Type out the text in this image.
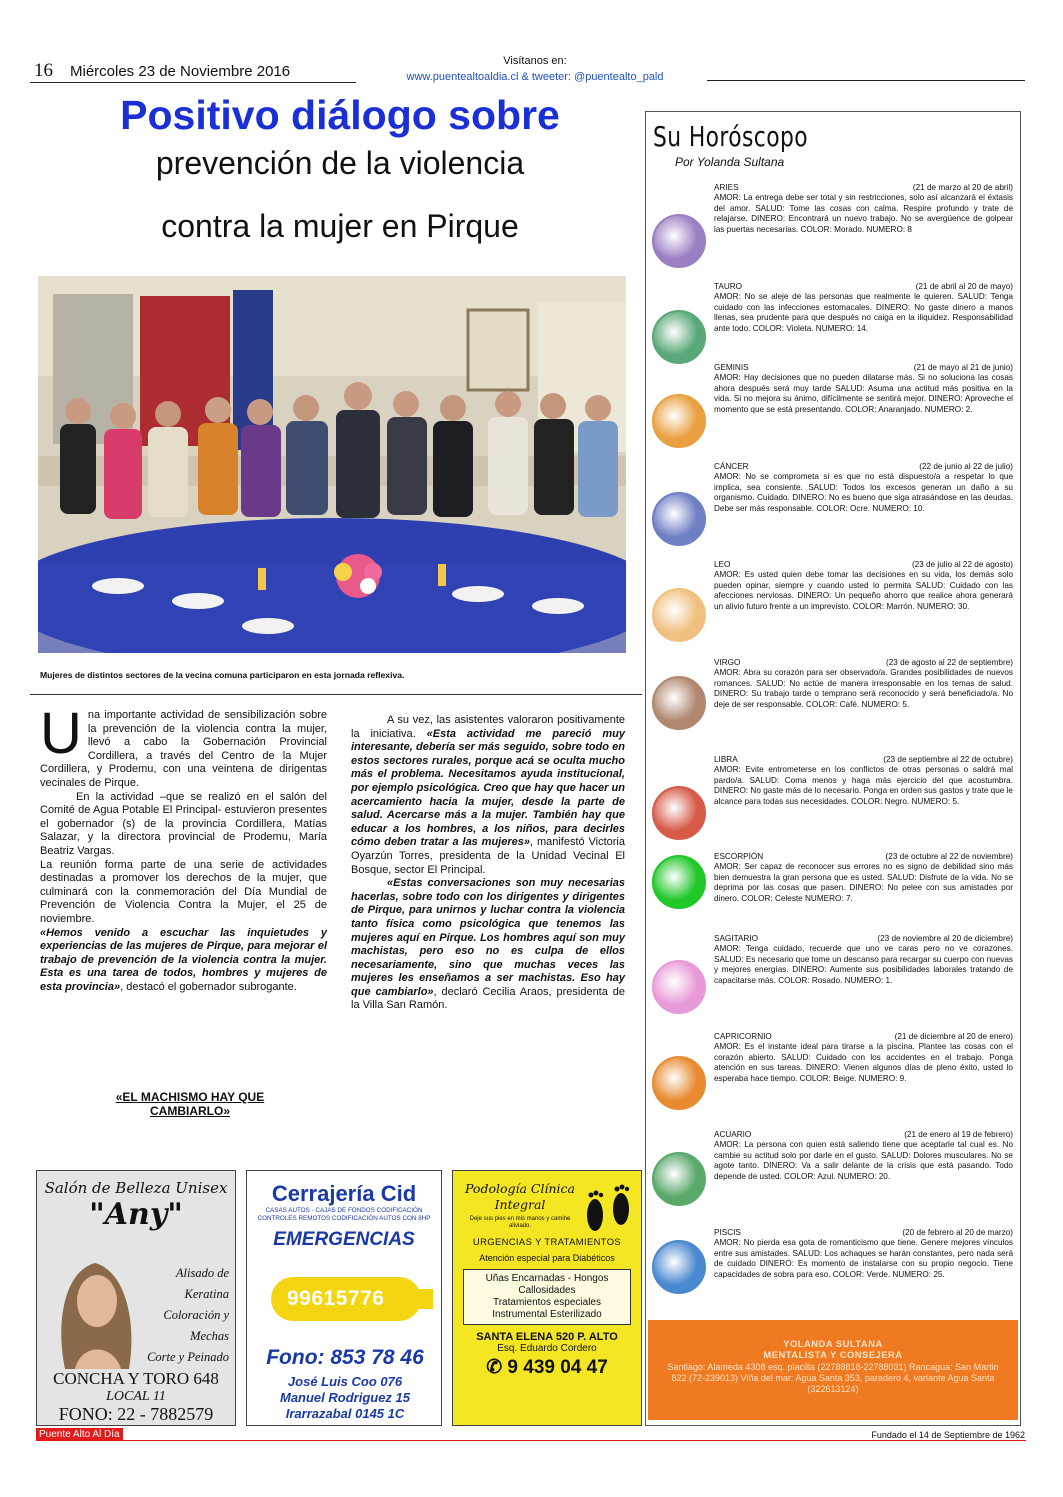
16 Miércoles 23 de Noviembre 2016
Visítanos en:
www.puentealtoaldia.cl & tweeter: @puentealto_pald
Positivo diálogo sobre
prevención de la violencia
contra la mujer en Pirque
Mujeres de distintos sectores de la vecina comuna participaron en esta jornada reflexiva.
U na importante actividad de sensibilización sobre la prevención de la violencia contra la mujer, llevó a cabo la Gobernación Provincial Cordillera, a través del Centro de la Mujer Cordillera, y Prodemu, con una veintena de dirigentas vecinales de Pirque.

En la actividad –que se realizó en el salón del Comité de Agua Potable El Principal- estuvieron presentes el gobernador (s) de la provincia Cordillera, Matías Salazar, y la directora provincial de Prodemu, María Beatriz Vargas.

La reunión forma parte de una serie de actividades destinadas a promover los derechos de la mujer, que culminará con la conmemoración del Día Mundial de Prevención de Violencia Contra la Mujer, el 25 de noviembre.

«Hemos venido a escuchar las inquietudes y experiencias de las mujeres de Pirque, para mejorar el trabajo de prevención de la violencia contra la mujer. Esta es una tarea de todos, hombres y mujeres de esta provincia», destacó el gobernador subrogante.

«EL MACHISMO HAY QUE CAMBIARLO»

A su vez, las asistentes valoraron positivamente la iniciativa. «Esta actividad me pareció muy interesante, debería ser más seguido, sobre todo en estos sectores rurales, porque acá se oculta mucho más el problema. Necesitamos ayuda institucional, por ejemplo psicológica. Creo que hay que hacer un acercamiento hacia la mujer, desde la parte de salud. Acercarse más a la mujer. También hay que educar a los hombres, a los niños, para decirles cómo deben tratar a las mujeres», manifestó Victoria Oyarzún Torres, presidenta de la Unidad Vecinal El Bosque, sector El Principal.

«Estas conversaciones son muy necesarias hacerlas, sobre todo con los dirigentes y dirigentes de Pirque, para unirnos y luchar contra la violencia tanto física como psicológica que tenemos las mujeres aquí en Pirque. Los hombres aquí son muy machistas, pero eso no es culpa de ellos necesariamente, sino que muchas veces las mujeres les enseñamos a ser machistas. Eso hay que cambiarlo», declaró Cecilia Araos, presidenta de la Villa San Ramón.

Su Horóscopo
Por Yolanda Sultana
ARIES	(21 de marzo al 20 de abril)
AMOR: La entrega debe ser total y sin restricciones, solo así alcanzará el éxtasis del amor. SALUD: Tome las cosas con calma. Respire profundo y trate de relajarse. DINERO: Encontrará un nuevo trabajo. No se avergüence de golpear las puertas necesarias. COLOR: Morado. NUMERO: 8
TAURO	(21 de abril al 20 de mayo)
AMOR: No se aleje de las personas que realmente le quieren. SALUD: Tenga cuidado con las infecciones estomacales. DINERO: No gaste dinero a manos llenas, sea prudente para que después no caiga en la iliquidez. Responsabilidad ante todo. COLOR: Violeta. NUMERO: 14.
GEMINIS	(21 de mayo al 21 de junio)
AMOR: Hay decisiones que no pueden dilatarse más. Si no soluciona las cosas ahora después será muy tarde SALUD: Asuma una actitud más positiva en la vida. Si no mejora su ánimo, difícilmente se sentirá mejor. DINERO: Aproveche el momento que se está presentando. COLOR: Anaranjado. NUMERO: 2.
CÁNCER	(22 de junio al 22 de julio)
AMOR: No se comprometa si es que no está dispuesto/a a respetar lo que implica, sea consiente. SALUD: Todos los excesos generan un daño a su organismo. Cuidado. DINERO: No es bueno que siga atrasándose en las deudas. Debe ser más responsable. COLOR: Ocre. NUMERO: 10.
LEO	(23 de julio al 22 de agosto)
AMOR: Es usted quien debe tomar las decisiones en su vida, los demás solo pueden opinar, siempre y cuando usted lo permita SALUD: Cuidado con las afecciones nerviosas. DINERO: Un pequeño ahorro que realice ahora generará un alivio futuro frente a un imprevisto. COLOR: Marrón. NUMERO: 30.
VIRGO	(23 de agosto al 22 de septiembre)
AMOR: Abra su corazón para ser observado/a. Grandes posibilidades de nuevos romances. SALUD: No actúe de manera irresponsable en los temas de salud. DINERO: Su trabajo tarde o temprano será reconocido y será beneficiado/a. No deje de ser responsable. COLOR: Café. NUMERO: 5.
LIBRA	(23 de septiembre al 22 de octubre)
AMOR: Evite entrometerse en los conflictos de otras personas o saldrá mal pardo/a. SALUD: Coma menos y haga más ejercicio del que acostumbra. DINERO: No gaste más de lo necesario. Ponga en orden sus gastos y trate que le alcance para todas sus necesidades. COLOR: Negro. NUMERO: 5.
ESCORPIÓN	(23 de octubre al 22 de noviembre)
AMOR: Ser capaz de reconocer sus errores no es signo de debilidad sino más bien demuestra la gran persona que es usted. SALUD: Disfrute de la vida. No se deprima por las cosas que pasen. DINERO: No pelee con sus amistades por dinero. COLOR: Celeste NUMERO: 7.
SAGITARIO	(23 de noviembre al 20 de diciembre)
AMOR: Tenga cuidado, recuerde que uno ve caras pero no ve corazones. SALUD: Es necesario que tome un descanso para recargar su cuerpo con nuevas y mejores energías. DINERO: Aumente sus posibilidades laborales tratando de capacitarse más. COLOR: Rosado. NUMERO: 1.
CAPRICORNIO	(21 de diciembre al 20 de enero)
AMOR: Es el instante ideal para tirarse a la piscina. Plantee las cosas con el corazón abierto. SALUD: Cuidado con los accidentes en el trabajo. Ponga atención en sus tareas. DINERO: Vienen algunos días de pleno éxito, usted lo esperaba hace tiempo. COLOR: Beige. NUMERO: 9.
ACUARIO	(21 de enero al 19 de febrero)
AMOR: La persona con quien está saliendo tiene que aceptarle tal cual es. No cambie su actitud solo por darle en el gusto. SALUD: Dolores musculares. No se agote tanto. DINERO: Va a salir delante de la crisis que está pasando. Todo depende de usted. COLOR: Azul. NUMERO: 20.
PISCIS	(20 de febrero al 20 de marzo)
AMOR: No pierda esa gota de romanticismo que tiene. Genere mejores vínculos entre sus amistades. SALUD: Los achaques se harán constantes, pero nada será de cuidado DINERO: Es momento de instalarse con su propio negocio. Tiene capacidades de sobra para eso. COLOR: Verde. NUMERO: 25.
YOLANDA SULTANA
MENTALISTA Y CONSEJERA
Santiago: Alameda 4308 esq. placilla (22788818-22788031) Rancagua: San Martin 822 (72-239013) Viña del mar: Agua Santa 353, paradero 4, variante Agua Santa (322613124)
Salón de Belleza Unisex
"Any"
Alisado de
Keratina
Coloración y
Mechas
Corte y Peinado
CONCHA Y TORO 648
LOCAL 11
FONO: 22 - 7882579
Cerrajería Cid
CASAS AUTOS - CAJAS DE FONDOS CODIFICACIÓN CONTROLES REMOTOS CODIFICACIÓN AUTOS CON 8HP
EMERGENCIAS
99615776
Fono: 853 78 46
José Luis Coo 076
Manuel Rodriguez 15
Irarrazabal 0145 1C
Podología Clínica Integral
Deje sus pies en mis manos y camine aliviado.
URGENCIAS Y TRATAMIENTOS
Atención especial para Diabéticos
Uñas Encarnadas - Hongos
Callosidades
Tratamientos especiales
Instrumental Esterilizado
SANTA ELENA 520 P. ALTO
Esq. Eduardo Cordero
✆ 9 439 04 47
Puente Alto Al Día	Fundado el 14 de Septiembre de 1962
